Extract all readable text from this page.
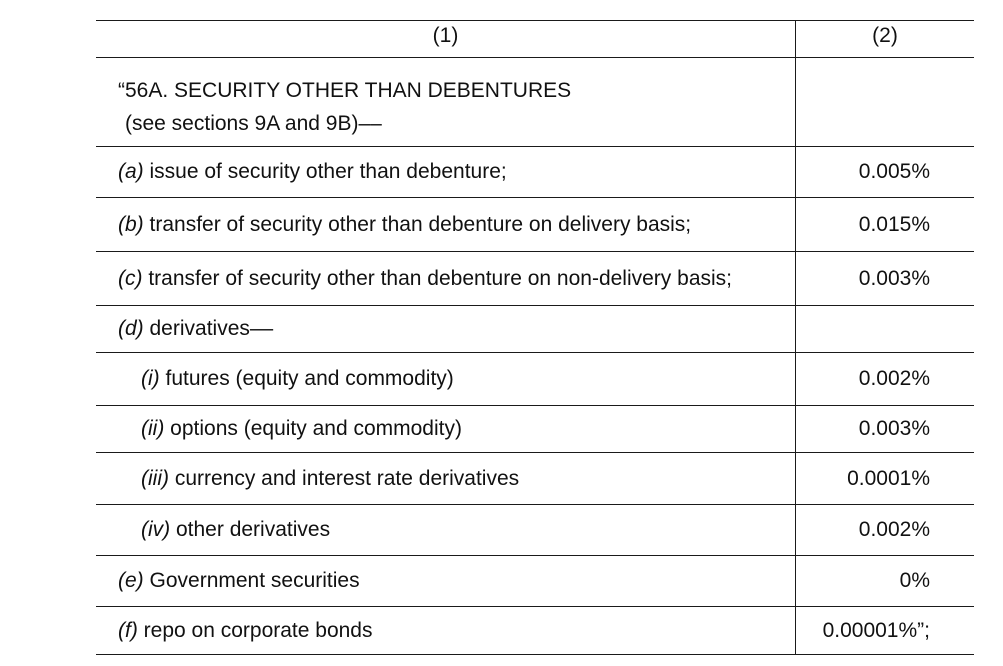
(1)	(2)
“56A. SECURITY OTHER THAN DEBENTURES
(see sections 9A and 9B)––
(a) issue of security other than debenture;	0.005%
(b) transfer of security other than debenture on delivery basis;	0.015%
(c) transfer of security other than debenture on non-delivery basis;	0.003%
(d) derivatives––
(i) futures (equity and commodity)	0.002%
(ii) options (equity and commodity)	0.003%
(iii) currency and interest rate derivatives	0.0001%
(iv) other derivatives	0.002%
(e) Government securities	0%
(f) repo on corporate bonds	0.00001%”;
